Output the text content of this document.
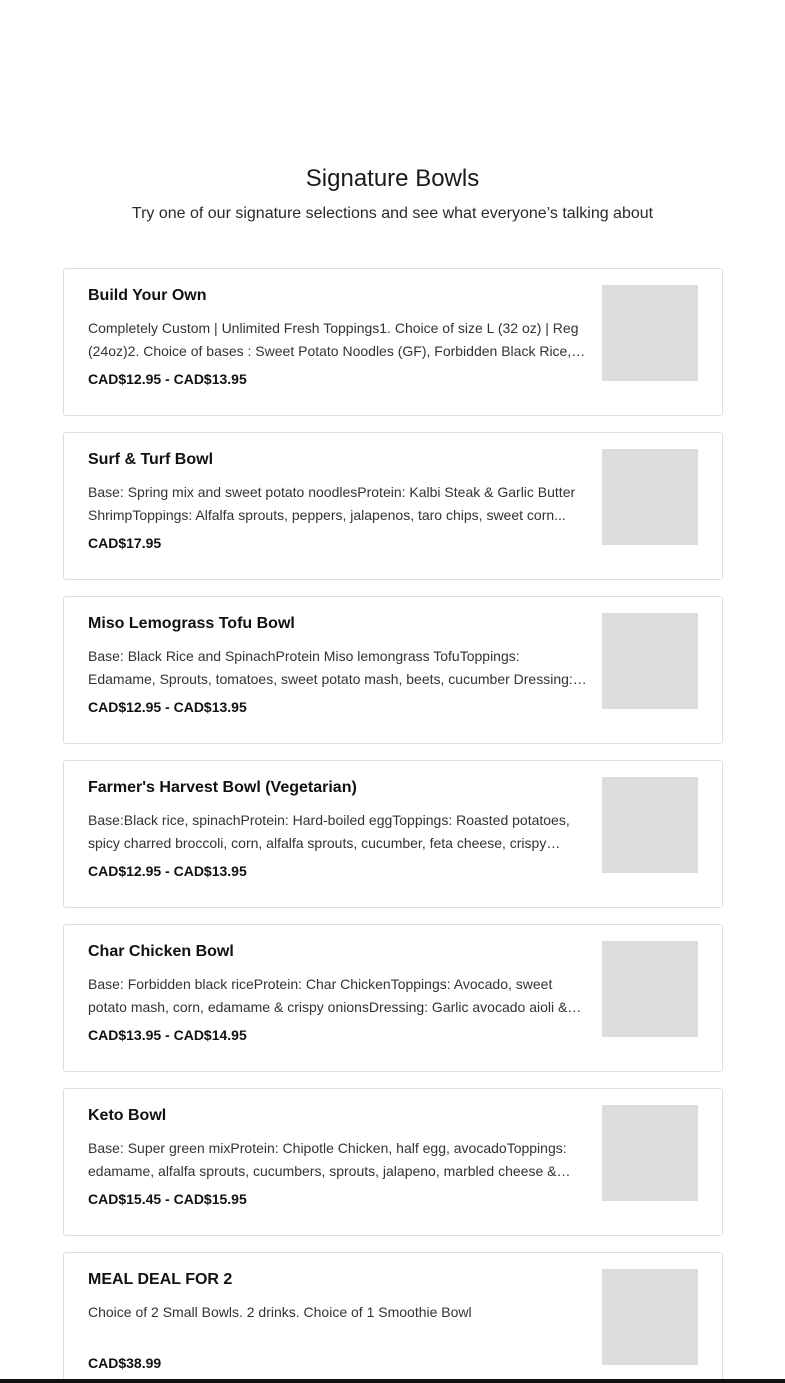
Signature Bowls

Try one of our signature selections and see what everyone’s talking about

Build Your Own

Completely Custom | Unlimited Fresh Toppings1. Choice of size L (32 oz) | Reg (24oz)2. Choice of bases : Sweet Potato Noodles (GF), Forbidden Black Rice,

CAD$12.95 - CAD$13.95

Surf & Turf Bowl

Base: Spring mix and sweet potato noodlesProtein: Kalbi Steak & Garlic Butter ShrimpToppings: Alfalfa sprouts, peppers, jalapenos, taro chips, sweet corn...

CAD$17.95

Miso Lemograss Tofu Bowl

Base: Black Rice and SpinachProtein Miso lemongrass TofuToppings: Edamame, Sprouts, tomatoes, sweet potato mash, beets, cucumber Dressing:

CAD$12.95 - CAD$13.95

Farmer's Harvest Bowl (Vegetarian)

Base:Black rice, spinachProtein: Hard-boiled eggToppings: Roasted potatoes, spicy charred broccoli, corn, alfalfa sprouts, cucumber, feta cheese, crispy

CAD$12.95 - CAD$13.95

Char Chicken Bowl

Base: Forbidden black riceProtein: Char ChickenToppings: Avocado, sweet potato mash, corn, edamame & crispy onionsDressing: Garlic avocado aioli &

CAD$13.95 - CAD$14.95

Keto Bowl

Base: Super green mixProtein: Chipotle Chicken, half egg, avocadoToppings: edamame, alfalfa sprouts, cucumbers, sprouts, jalapeno, marbled cheese &

CAD$15.45 - CAD$15.95

MEAL DEAL FOR 2

Choice of 2 Small Bowls. 2 drinks. Choice of 1 Smoothie Bowl

CAD$38.99
